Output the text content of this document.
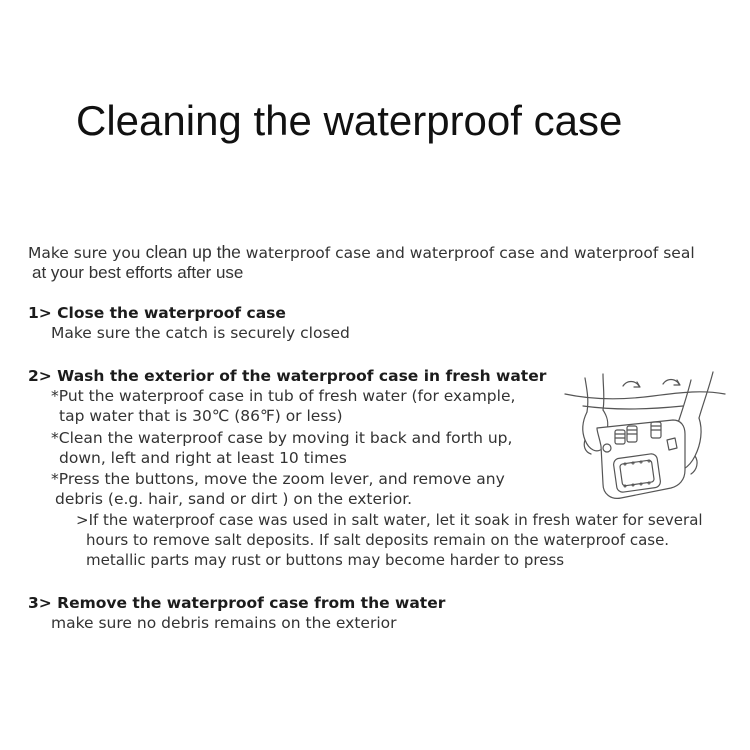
Cleaning the waterproof case
Make sure you clean up the waterproof case and waterproof case and waterproof seal
at your best efforts after use
1> Close the waterproof case
Make sure the catch is securely closed
2> Wash the exterior of the waterproof case in fresh water
*Put the waterproof case in tub of fresh water (for example,
tap water that is 30℃ (86℉) or less)
*Clean the waterproof case by moving it back and forth up,
down, left and right at least 10 times
*Press the buttons, move the zoom lever, and remove any
debris (e.g. hair, sand or dirt ) on the exterior.
>If the waterproof case was used in salt water, let it soak in fresh water for several
hours to remove salt deposits. If salt deposits remain on the waterproof case.
metallic parts may rust or buttons may become harder to press
3> Remove the waterproof case from the water
make sure no debris remains on the exterior
